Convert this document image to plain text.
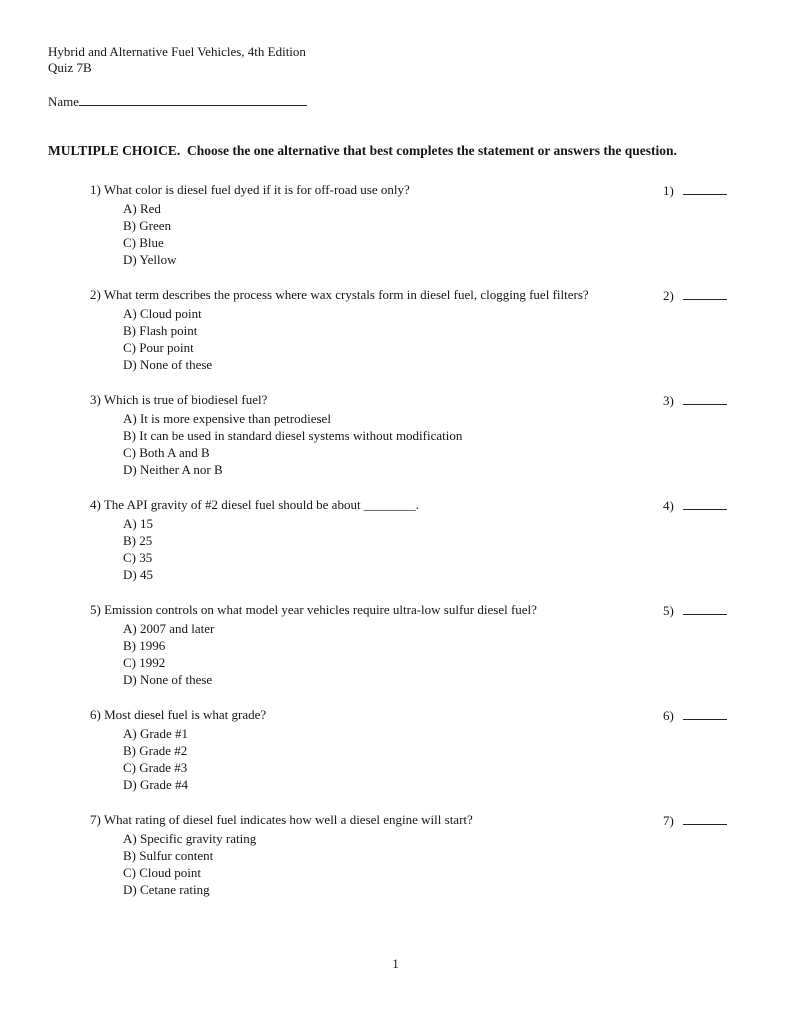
Hybrid and Alternative Fuel Vehicles, 4th Edition
Quiz 7B
Name
MULTIPLE CHOICE.  Choose the one alternative that best completes the statement or answers the question.
1) What color is diesel fuel dyed if it is for off-road use only?
A) Red
B) Green
C) Blue
D) Yellow
1)
2) What term describes the process where wax crystals form in diesel fuel, clogging fuel filters?
A) Cloud point
B) Flash point
C) Pour point
D) None of these
2)
3) Which is true of biodiesel fuel?
A) It is more expensive than petrodiesel
B) It can be used in standard diesel systems without modification
C) Both A and B
D) Neither A nor B
3)
4) The API gravity of #2 diesel fuel should be about ________.
A) 15
B) 25
C) 35
D) 45
4)
5) Emission controls on what model year vehicles require ultra-low sulfur diesel fuel?
A) 2007 and later
B) 1996
C) 1992
D) None of these
5)
6) Most diesel fuel is what grade?
A) Grade #1
B) Grade #2
C) Grade #3
D) Grade #4
6)
7) What rating of diesel fuel indicates how well a diesel engine will start?
A) Specific gravity rating
B) Sulfur content
C) Cloud point
D) Cetane rating
7)
1
